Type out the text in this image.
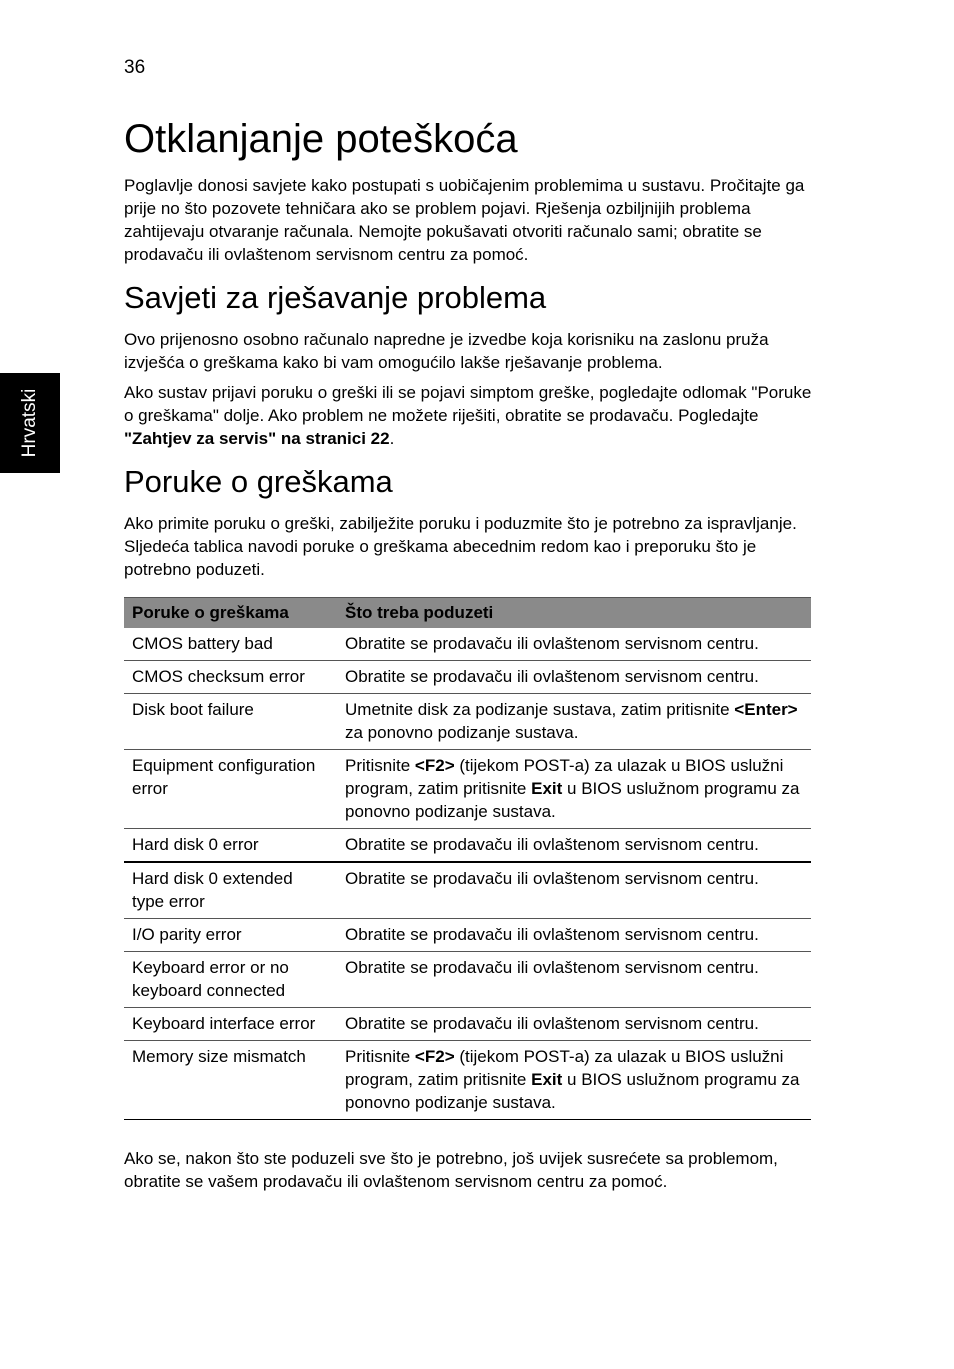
36
Hrvatski
Otklanjanje poteškoća

Poglavlje donosi savjete kako postupati s uobičajenim problemima u sustavu. Pročitajte ga prije no što pozovete tehničara ako se problem pojavi. Rješenja ozbiljnijih problema zahtijevaju otvaranje računala. Nemojte pokušavati otvoriti računalo sami; obratite se prodavaču ili ovlaštenom servisnom centru za pomoć.

Savjeti za rješavanje problema

Ovo prijenosno osobno računalo napredne je izvedbe koja korisniku na zaslonu pruža izvješća o greškama kako bi vam omogućilo lakše rješavanje problema.

Ako sustav prijavi poruku o greški ili se pojavi simptom greške, pogledajte odlomak "Poruke o greškama" dolje. Ako problem ne možete riješiti, obratite se prodavaču. Pogledajte "Zahtjev za servis" na stranici 22.

Poruke o greškama

Ako primite poruku o greški, zabilježite poruku i poduzmite što je potrebno za ispravljanje. Sljedeća tablica navodi poruke o greškama abecednim redom kao i preporuku što je potrebno poduzeti.

Poruke o greškama	Što treba poduzeti
CMOS battery bad	Obratite se prodavaču ili ovlaštenom servisnom centru.
CMOS checksum error	Obratite se prodavaču ili ovlaštenom servisnom centru.
Disk boot failure	Umetnite disk za podizanje sustava, zatim pritisnite <Enter> za ponovno podizanje sustava.
Equipment configuration error	Pritisnite <F2> (tijekom POST-a) za ulazak u BIOS uslužni program, zatim pritisnite Exit u BIOS uslužnom programu za ponovno podizanje sustava.
Hard disk 0 error	Obratite se prodavaču ili ovlaštenom servisnom centru.
Hard disk 0 extended type error	Obratite se prodavaču ili ovlaštenom servisnom centru.
I/O parity error	Obratite se prodavaču ili ovlaštenom servisnom centru.
Keyboard error or no keyboard connected	Obratite se prodavaču ili ovlaštenom servisnom centru.
Keyboard interface error	Obratite se prodavaču ili ovlaštenom servisnom centru.
Memory size mismatch	Pritisnite <F2> (tijekom POST-a) za ulazak u BIOS uslužni program, zatim pritisnite Exit u BIOS uslužnom programu za ponovno podizanje sustava.

Ako se, nakon što ste poduzeli sve što je potrebno, još uvijek susrećete sa problemom, obratite se vašem prodavaču ili ovlaštenom servisnom centru za pomoć.
